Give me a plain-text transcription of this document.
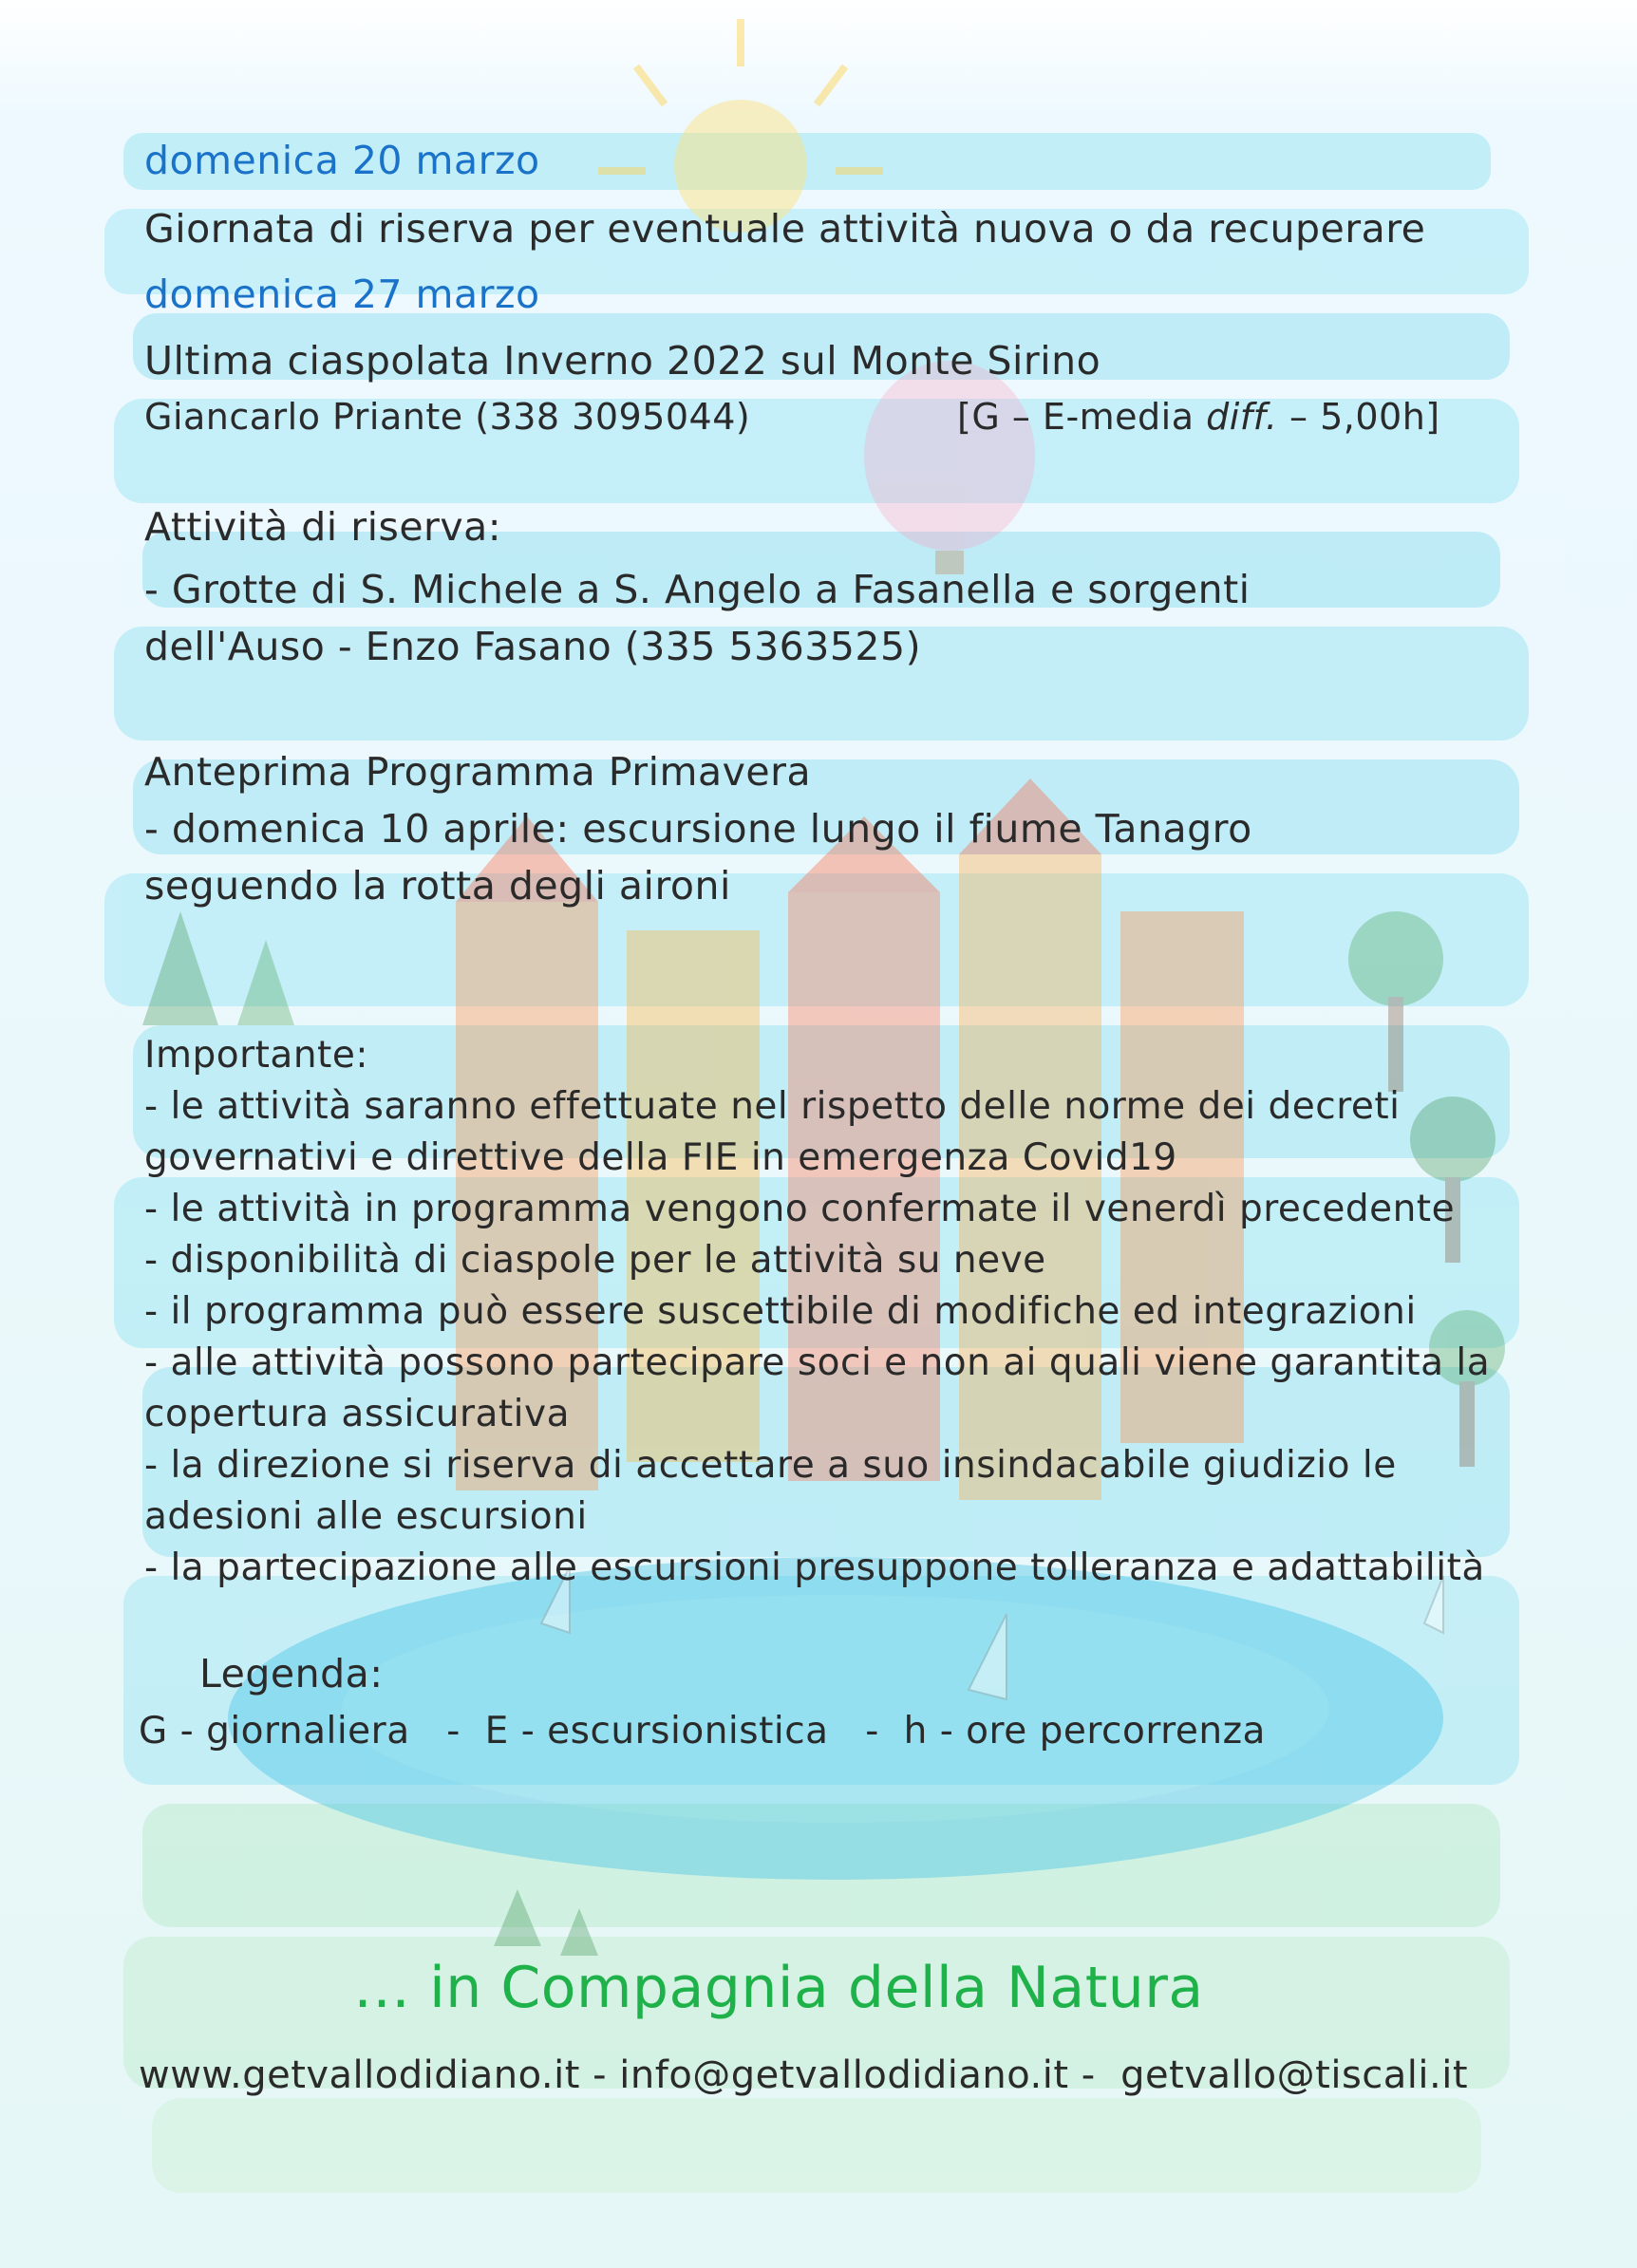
domenica 20 marzo
Giornata di riserva per eventuale attività nuova o da recuperare
domenica 27 marzo
Ultima ciaspolata Inverno 2022 sul Monte Sirino
Giancarlo Priante (338 3095044)	[G – E-media diff. – 5,00h]
Attività di riserva:
- Grotte di S. Michele a S. Angelo a Fasanella e sorgenti
dell'Auso - Enzo Fasano (335 5363525)
Anteprima Programma Primavera
- domenica 10 aprile: escursione lungo il fiume Tanagro
seguendo la rotta degli aironi
Importante:
- le attività saranno effettuate nel rispetto delle norme dei decreti
governativi e direttive della FIE in emergenza Covid19
- le attività in programma vengono confermate il venerdì precedente
- disponibilità di ciaspole per le attività su neve
- il programma può essere suscettibile di modifiche ed integrazioni
- alle attività possono partecipare soci e non ai quali viene garantita la
copertura assicurativa
- la direzione si riserva di accettare a suo insindacabile giudizio le
adesioni alle escursioni
- la partecipazione alle escursioni presuppone tolleranza e adattabilità
Legenda:
G - giornaliera   -  E - escursionistica   -  h - ore percorrenza
… in Compagnia della Natura
www.getvallodidiano.it - info@getvallodidiano.it -  getvallo@tiscali.it
